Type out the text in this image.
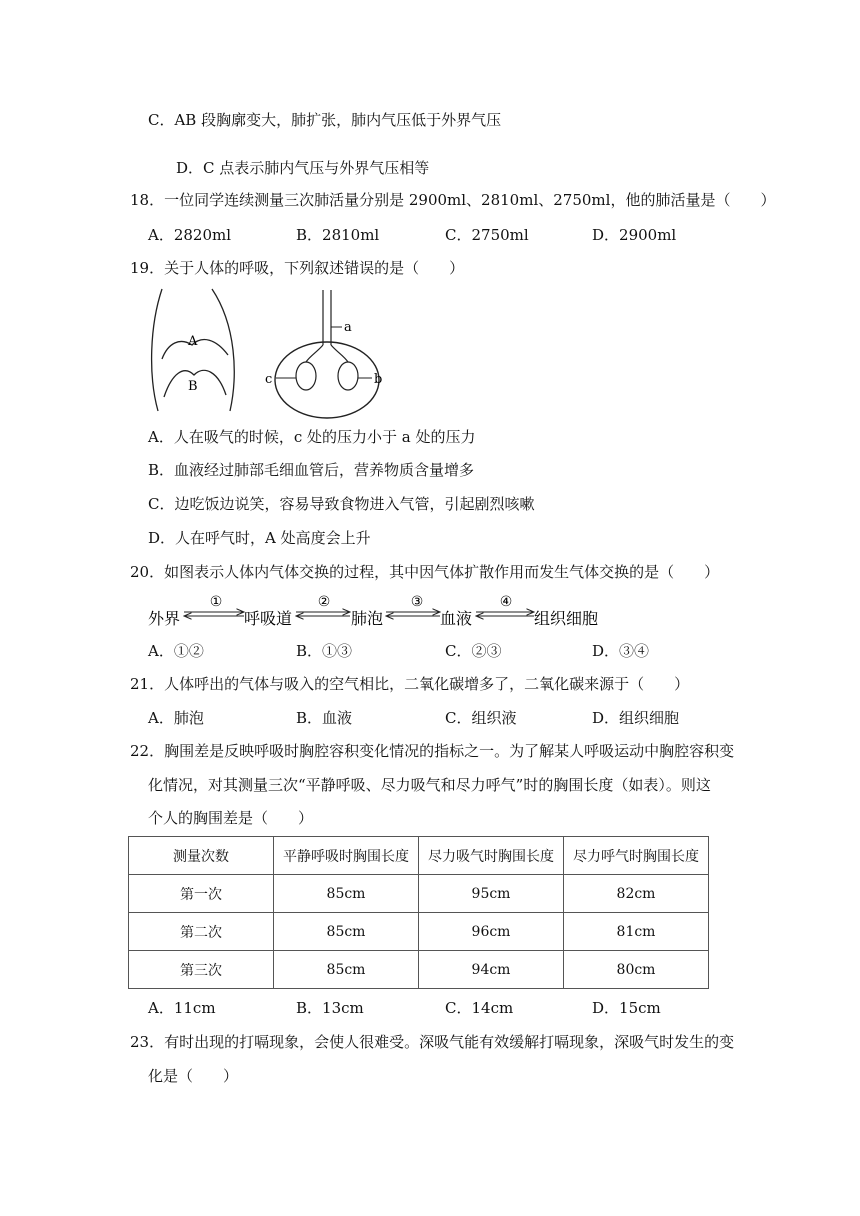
C．AB 段胸廓变大，肺扩张，肺内气压低于外界气压
D．C 点表示肺内气压与外界气压相等
18．一位同学连续测量三次肺活量分别是 2900ml、2810ml、2750ml，他的肺活量是（　　）
A．2820ml	B．2810ml	C．2750ml	D．2900ml
19．关于人体的呼吸，下列叙述错误的是（　　）
A
B
a
b
c
A．人在吸气的时候，c 处的压力小于 a 处的压力
B．血液经过肺部毛细血管后，营养物质含量增多
C．边吃饭边说笑，容易导致食物进入气管，引起剧烈咳嗽
D．人在呼气时，A 处高度会上升
20．如图表示人体内气体交换的过程，其中因气体扩散作用而发生气体交换的是（　　）
外界	呼吸道	肺泡	血液	组织细胞
①	②	③	④
A．①②	B．①③	C．②③	D．③④
21．人体呼出的气体与吸入的空气相比，二氧化碳增多了，二氧化碳来源于（　　）
A．肺泡	B．血液	C．组织液	D．组织细胞
22．胸围差是反映呼吸时胸腔容积变化情况的指标之一。为了解某人呼吸运动中胸腔容积变
化情况，对其测量三次“平静呼吸、尽力吸气和尽力呼气”时的胸围长度（如表）。则这
个人的胸围差是（　　）
测量次数	平静呼吸时胸围长度	尽力吸气时胸围长度	尽力呼气时胸围长度
第一次	85cm	95cm	82cm
第二次	85cm	96cm	81cm
第三次	85cm	94cm	80cm
A．11cm	B．13cm	C．14cm	D．15cm
23．有时出现的打嗝现象，会使人很难受。深吸气能有效缓解打嗝现象，深吸气时发生的变
化是（　　）
